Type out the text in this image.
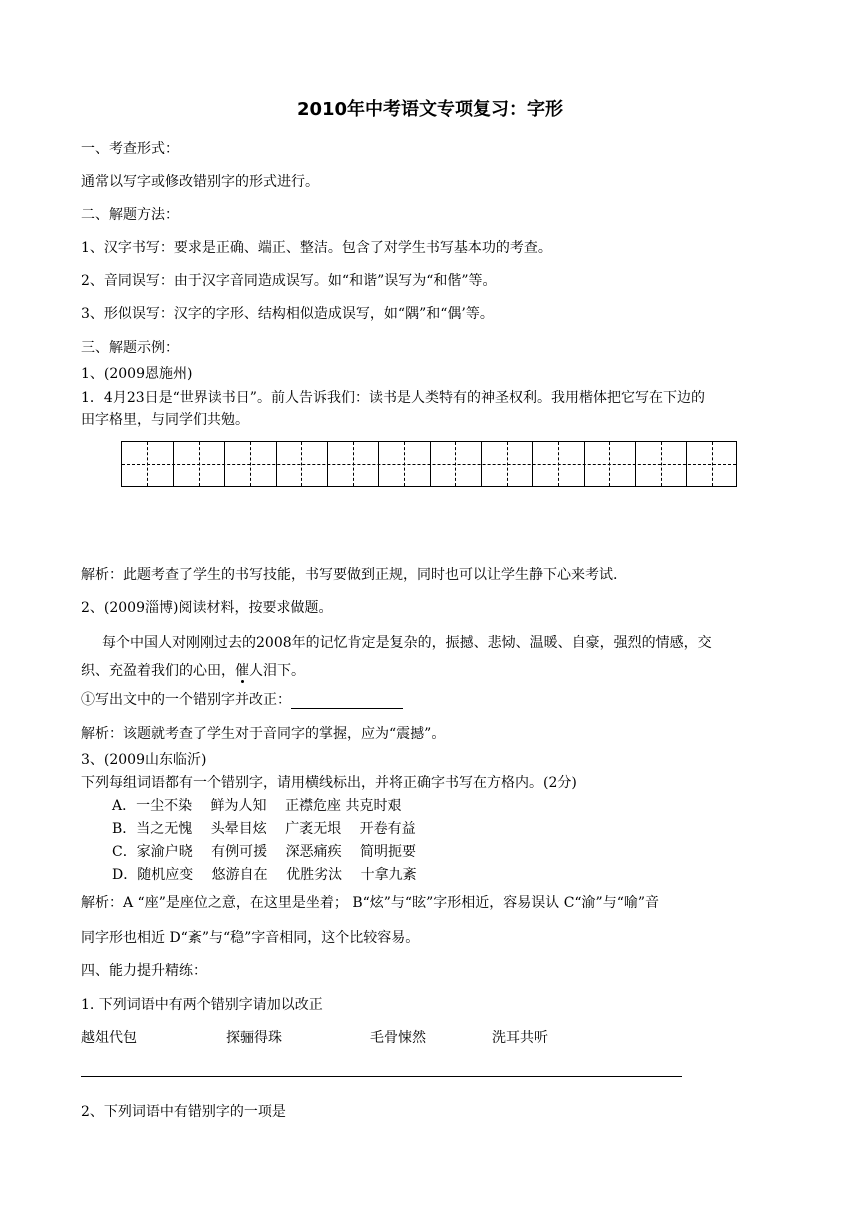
2010年中考语文专项复习：字形
一、考查形式：
通常以写字或修改错别字的形式进行。
二、解题方法：
1、汉字书写：要求是正确、端正、整洁。包含了对学生书写基本功的考查。
2、音同误写：由于汉字音同造成误写。如“和谐”误写为“和偕”等。
3、形似误写：汉字的字形、结构相似造成误写，如“隅”和“偶’等。
三、解题示例：
1、(2009恩施州)
1．4月23日是“世界读书日”。前人告诉我们：读书是人类特有的神圣权利。我用楷体把它写在下边的
田字格里，与同学们共勉。
解析：此题考查了学生的书写技能，书写要做到正规，同时也可以让学生静下心来考试.
2、(2009淄博)阅读材料，按要求做题。
每个中国人对刚刚过去的2008年的记忆肯定是复杂的，振撼、悲恸、温暖、自豪，强烈的情感，交
织、充盈着我们的心田，催人泪下。
①写出文中的一个错别字并改正：
解析：该题就考查了学生对于音同字的掌握，应为“震撼”。
3、(2009山东临沂)
下列每组词语都有一个错别字，请用横线标出，并将正确字书写在方格内。(2分)
A．一尘不染　 鲜为人知　 正襟危座 共克时艰
B．当之无愧　 头晕目炫　 广袤无垠　 开卷有益
C．家渝户晓　 有例可援　 深恶痛疾　 简明扼要
D．随机应变　 悠游自在　 优胜劣汰　 十拿九紊
解析：A “座”是座位之意，在这里是坐着； B“炫”与“眩”字形相近，容易误认 C“渝”与“喻”音
同字形也相近 D“紊”与“稳”字音相同，这个比较容易。
四、能力提升精练：
1. 下列词语中有两个错别字请加以改正
越俎代包	探骊得珠	毛骨悚然	洗耳共听
2、下列词语中有错别字的一项是
